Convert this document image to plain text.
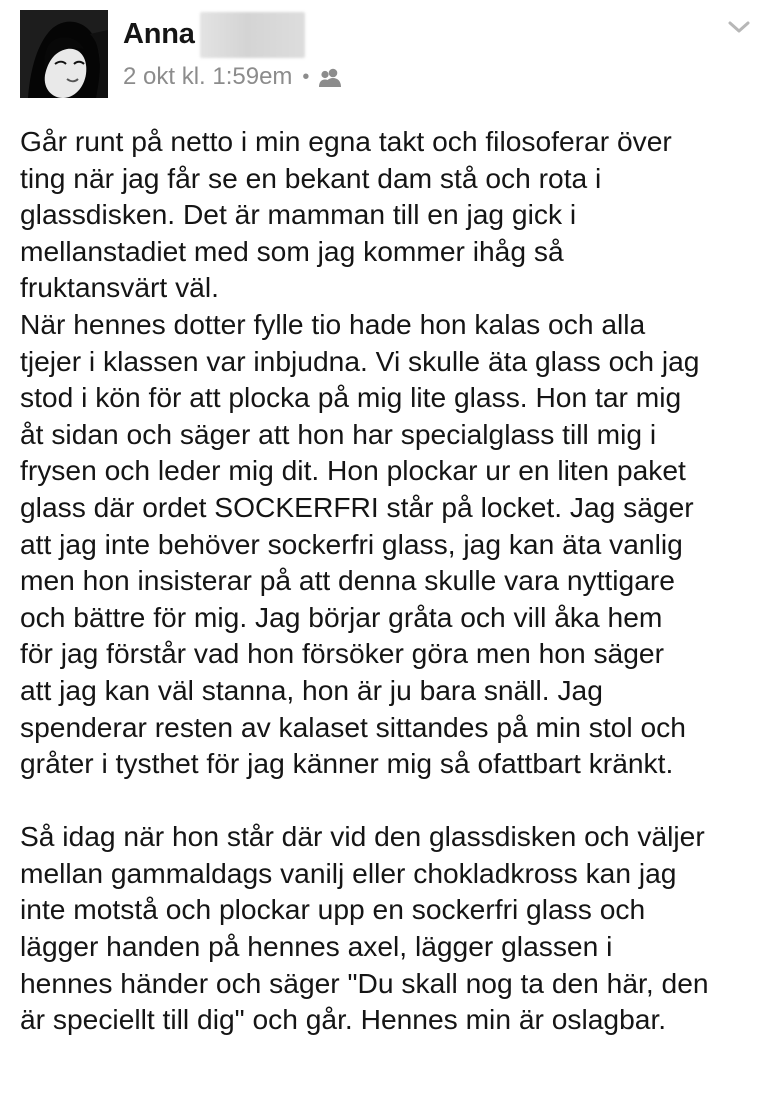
Anna
2 okt kl. 1:59em •

Går runt på netto i min egna takt och filosoferar över
ting när jag får se en bekant dam stå och rota i
glassdisken. Det är mamman till en jag gick i
mellanstadiet med som jag kommer ihåg så
fruktansvärt väl.
När hennes dotter fylle tio hade hon kalas och alla
tjejer i klassen var inbjudna. Vi skulle äta glass och jag
stod i kön för att plocka på mig lite glass. Hon tar mig
åt sidan och säger att hon har specialglass till mig i
frysen och leder mig dit. Hon plockar ur en liten paket
glass där ordet SOCKERFRI står på locket. Jag säger
att jag inte behöver sockerfri glass, jag kan äta vanlig
men hon insisterar på att denna skulle vara nyttigare
och bättre för mig. Jag börjar gråta och vill åka hem
för jag förstår vad hon försöker göra men hon säger
att jag kan väl stanna, hon är ju bara snäll. Jag
spenderar resten av kalaset sittandes på min stol och
gråter i tysthet för jag känner mig så ofattbart kränkt.

Så idag när hon står där vid den glassdisken och väljer
mellan gammaldags vanilj eller chokladkross kan jag
inte motstå och plockar upp en sockerfri glass och
lägger handen på hennes axel, lägger glassen i
hennes händer och säger "Du skall nog ta den här, den
är speciellt till dig" och går. Hennes min är oslagbar.
